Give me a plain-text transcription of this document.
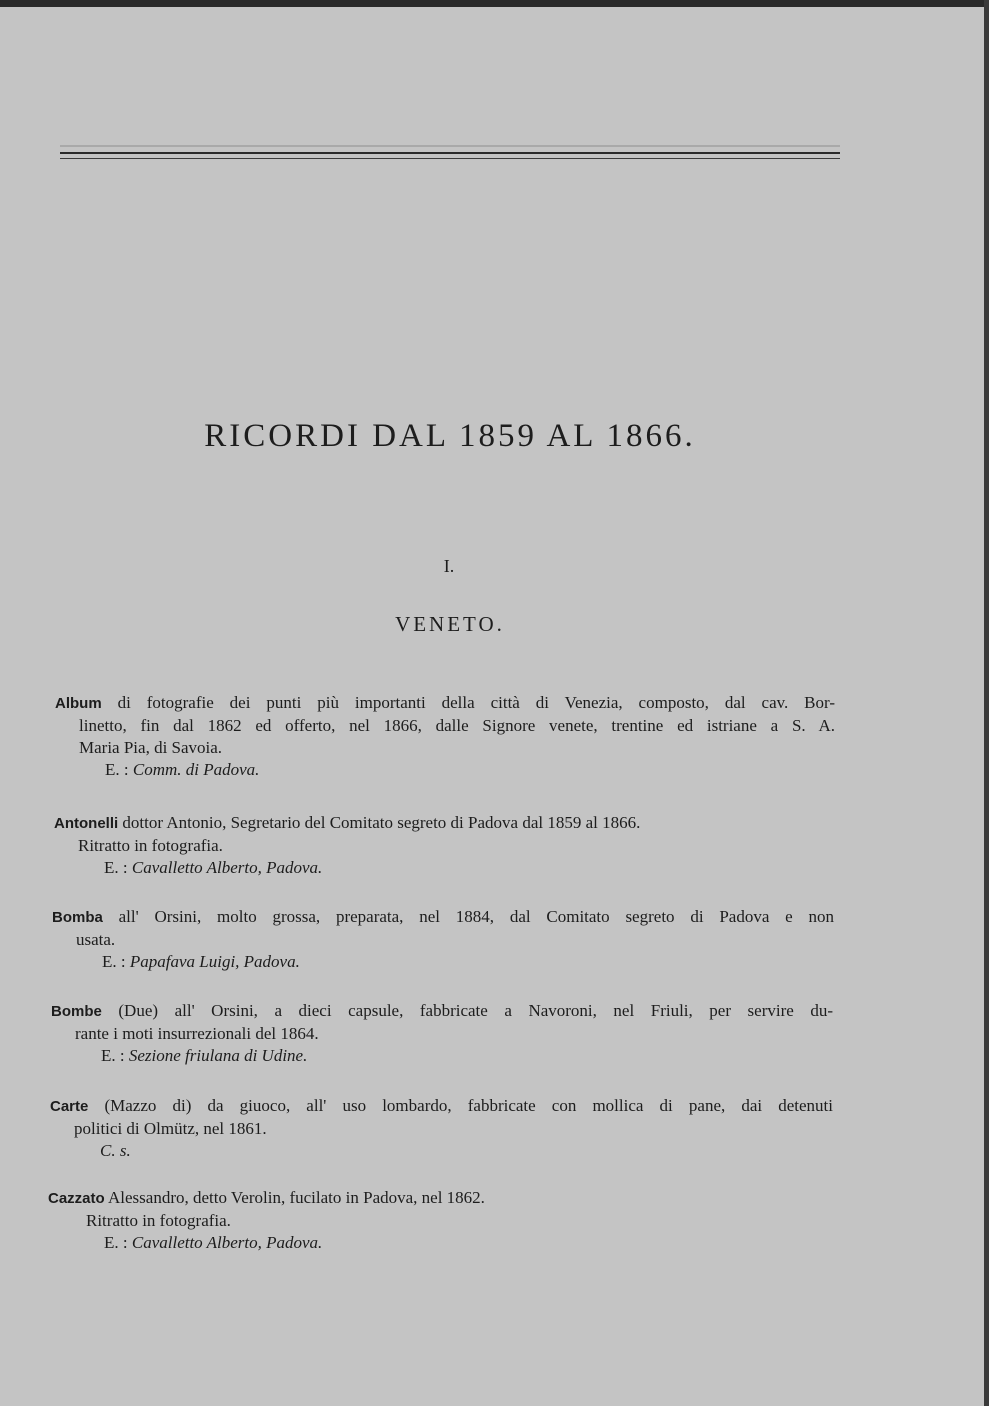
RICORDI DAL 1859 AL 1866.
I.
VENETO.
Album di fotografie dei punti più importanti della città di Venezia, composto, dal cav. Bor-
linetto, fin dal 1862 ed offerto, nel 1866, dalle Signore venete, trentine ed istriane a S. A.
Maria Pia, di Savoia.
E. : Comm. di Padova.
Antonelli dottor Antonio, Segretario del Comitato segreto di Padova dal 1859 al 1866.
Ritratto in fotografia.
E. : Cavalletto Alberto, Padova.
Bomba all' Orsini, molto grossa, preparata, nel 1884, dal Comitato segreto di Padova e non
usata.
E. : Papafava Luigi, Padova.
Bombe (Due) all' Orsini, a dieci capsule, fabbricate a Navoroni, nel Friuli, per servire du-
rante i moti insurrezionali del 1864.
E. : Sezione friulana di Udine.
Carte (Mazzo di) da giuoco, all' uso lombardo, fabbricate con mollica di pane, dai detenuti
politici di Olmütz, nel 1861.
C. s.
Cazzato Alessandro, detto Verolin, fucilato in Padova, nel 1862.
Ritratto in fotografia.
E. : Cavalletto Alberto, Padova.
